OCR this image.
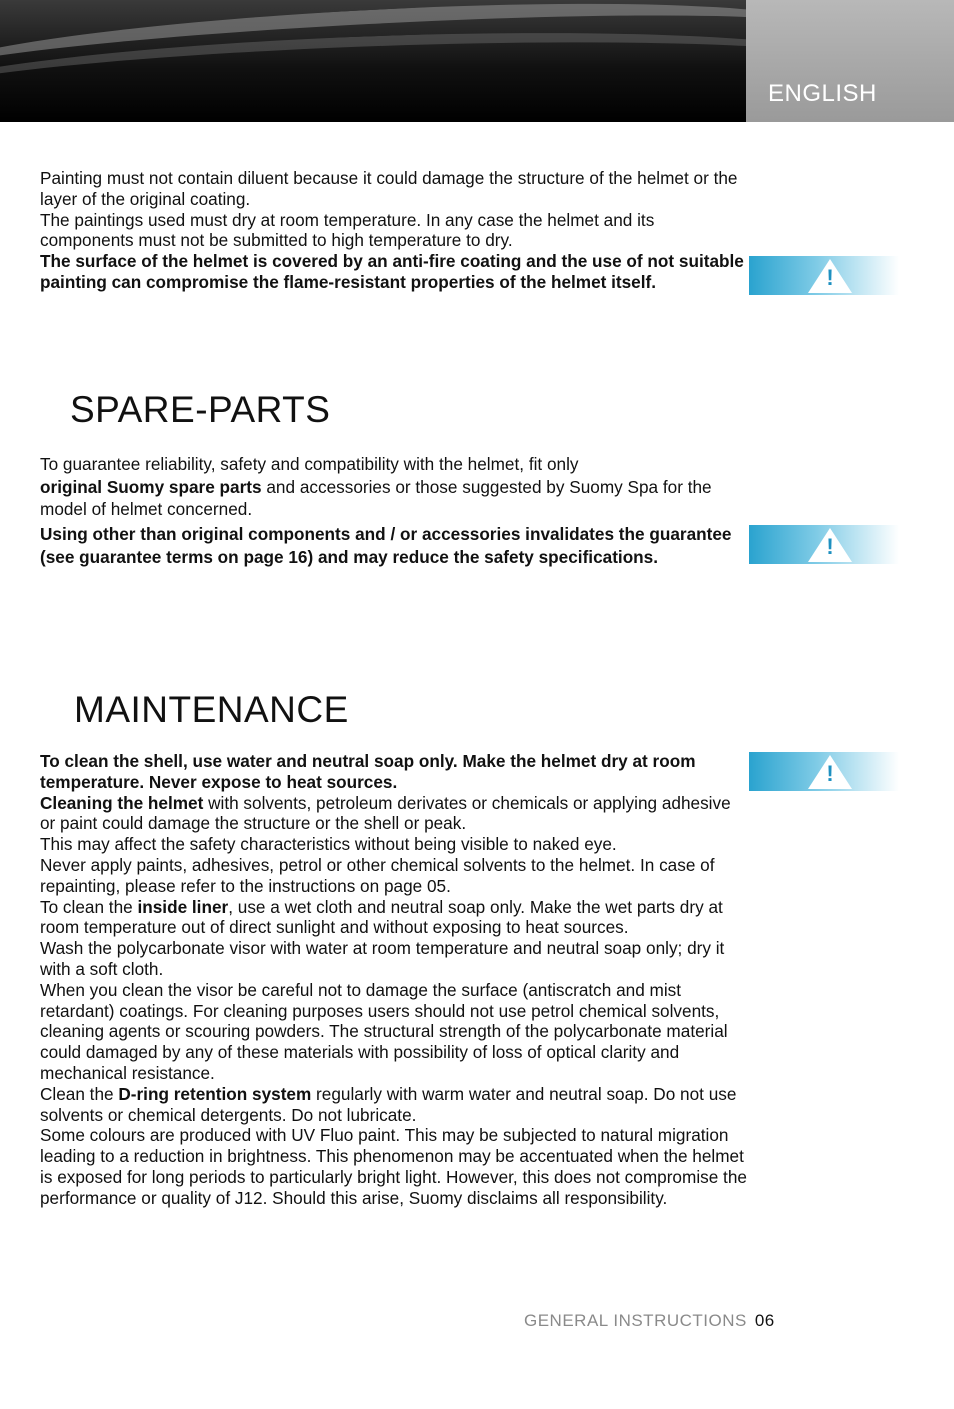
ENGLISH

Painting must not contain diluent because it could damage the structure of the helmet or the layer of the original coating.

The paintings used must dry at room temperature. In any case the helmet and its components must not be submitted to high temperature to dry.

The surface of the helmet is covered by an anti-fire coating and the use of not suitable painting can compromise the flame-resistant properties of the helmet itself.	!
SPARE-PARTS

To guarantee reliability, safety and compatibility with the helmet, fit only

original Suomy spare parts and accessories or those suggested by Suomy Spa for the model of helmet concerned.

Using other than original components and / or accessories invalidates the guarantee (see guarantee terms on page 16) and may reduce the safety specifications.	!
MAINTENANCE

To clean the shell, use water and neutral soap only. Make the helmet dry at room temperature. Never expose to heat sources.

Cleaning the helmet with solvents, petroleum derivates or chemicals or applying adhesive or paint could damage the structure or the shell or peak.

This may affect the safety characteristics without being visible to naked eye.

Never apply paints, adhesives, petrol or other chemical solvents to the helmet. In case of repainting, please refer to the instructions on page 05.

To clean the inside liner, use a wet cloth and neutral soap only. Make the wet parts dry at room temperature out of direct sunlight and without exposing to heat sources.

Wash the polycarbonate visor with water at room temperature and neutral soap only; dry it with a soft cloth.

When you clean the visor be careful not to damage the surface (antiscratch and mist retardant) coatings. For cleaning purposes users should not use petrol chemical solvents, cleaning agents or scouring powders. The structural strength of the polycarbonate material could damaged by any of these materials with possibility of loss of optical clarity and mechanical resistance.

Clean the D-ring retention system regularly with warm water and neutral soap. Do not use solvents or chemical detergents. Do not lubricate.

Some colours are produced with UV Fluo paint. This may be subjected to natural migration leading to a reduction in brightness. This phenomenon may be accentuated when the helmet is exposed for long periods to particularly bright light. However, this does not compromise the performance or quality of J12. Should this arise, Suomy disclaims all responsibility.

!
GENERAL INSTRUCTIONS 06
